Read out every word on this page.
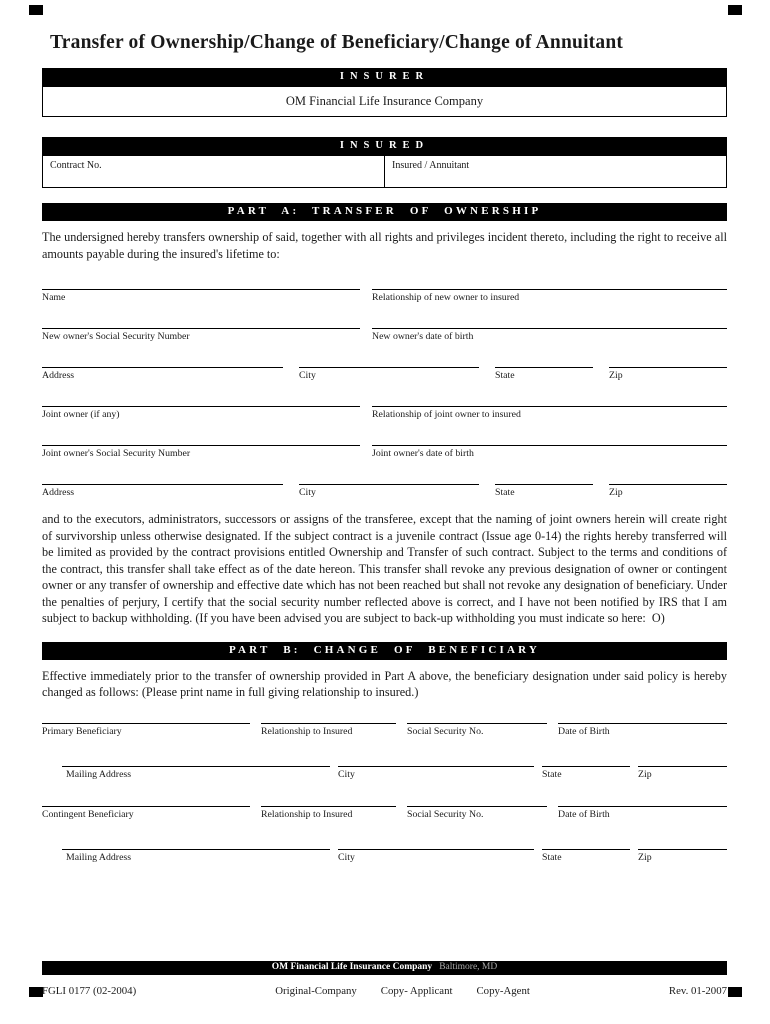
Transfer of Ownership/Change of Beneficiary/Change of Annuitant
INSURER
OM Financial Life Insurance Company
INSURED
Contract No.	Insured / Annuitant
PART A: TRANSFER OF OWNERSHIP

The undersigned hereby transfers ownership of said, together with all rights and privileges incident thereto, including the right to receive all amounts payable during the insured's lifetime to:

Name	Relationship of new owner to insured
New owner's Social Security Number	New owner's date of birth
Address	City	State	Zip
Joint owner (if any)	Relationship of joint owner to insured
Joint owner's Social Security Number	Joint owner's date of birth
Address	City	State	Zip

and to the executors, administrators, successors or assigns of the transferee, except that the naming of joint owners herein will create right of survivorship unless otherwise designated. If the subject contract is a juvenile contract (Issue age 0-14) the rights hereby transferred will be limited as provided by the contract provisions entitled Ownership and Transfer of such contract. Subject to the terms and conditions of the contract, this transfer shall take effect as of the date hereon. This transfer shall revoke any previous designation of owner or contingent owner or any transfer of ownership and effective date which has not been reached but shall not revoke any designation of beneficiary. Under the penalties of perjury, I certify that the social security number reflected above is correct, and I have not been notified by IRS that I am subject to backup withholding. (If you have been advised you are subject to back-up withholding you must indicate so here: O)

PART B: CHANGE OF BENEFICIARY

Effective immediately prior to the transfer of ownership provided in Part A above, the beneficiary designation under said policy is hereby changed as follows: (Please print name in full giving relationship to insured.)

Primary Beneficiary	Relationship to Insured	Social Security No.	Date of Birth
Mailing Address	City	State	Zip
Contingent Beneficiary	Relationship to Insured	Social Security No.	Date of Birth
Mailing Address	City	State	Zip
OM Financial Life Insurance Company Baltimore, MD
FGLI 0177 (02-2004)	Original-Company Copy- Applicant Copy-Agent	Rev. 01-2007
